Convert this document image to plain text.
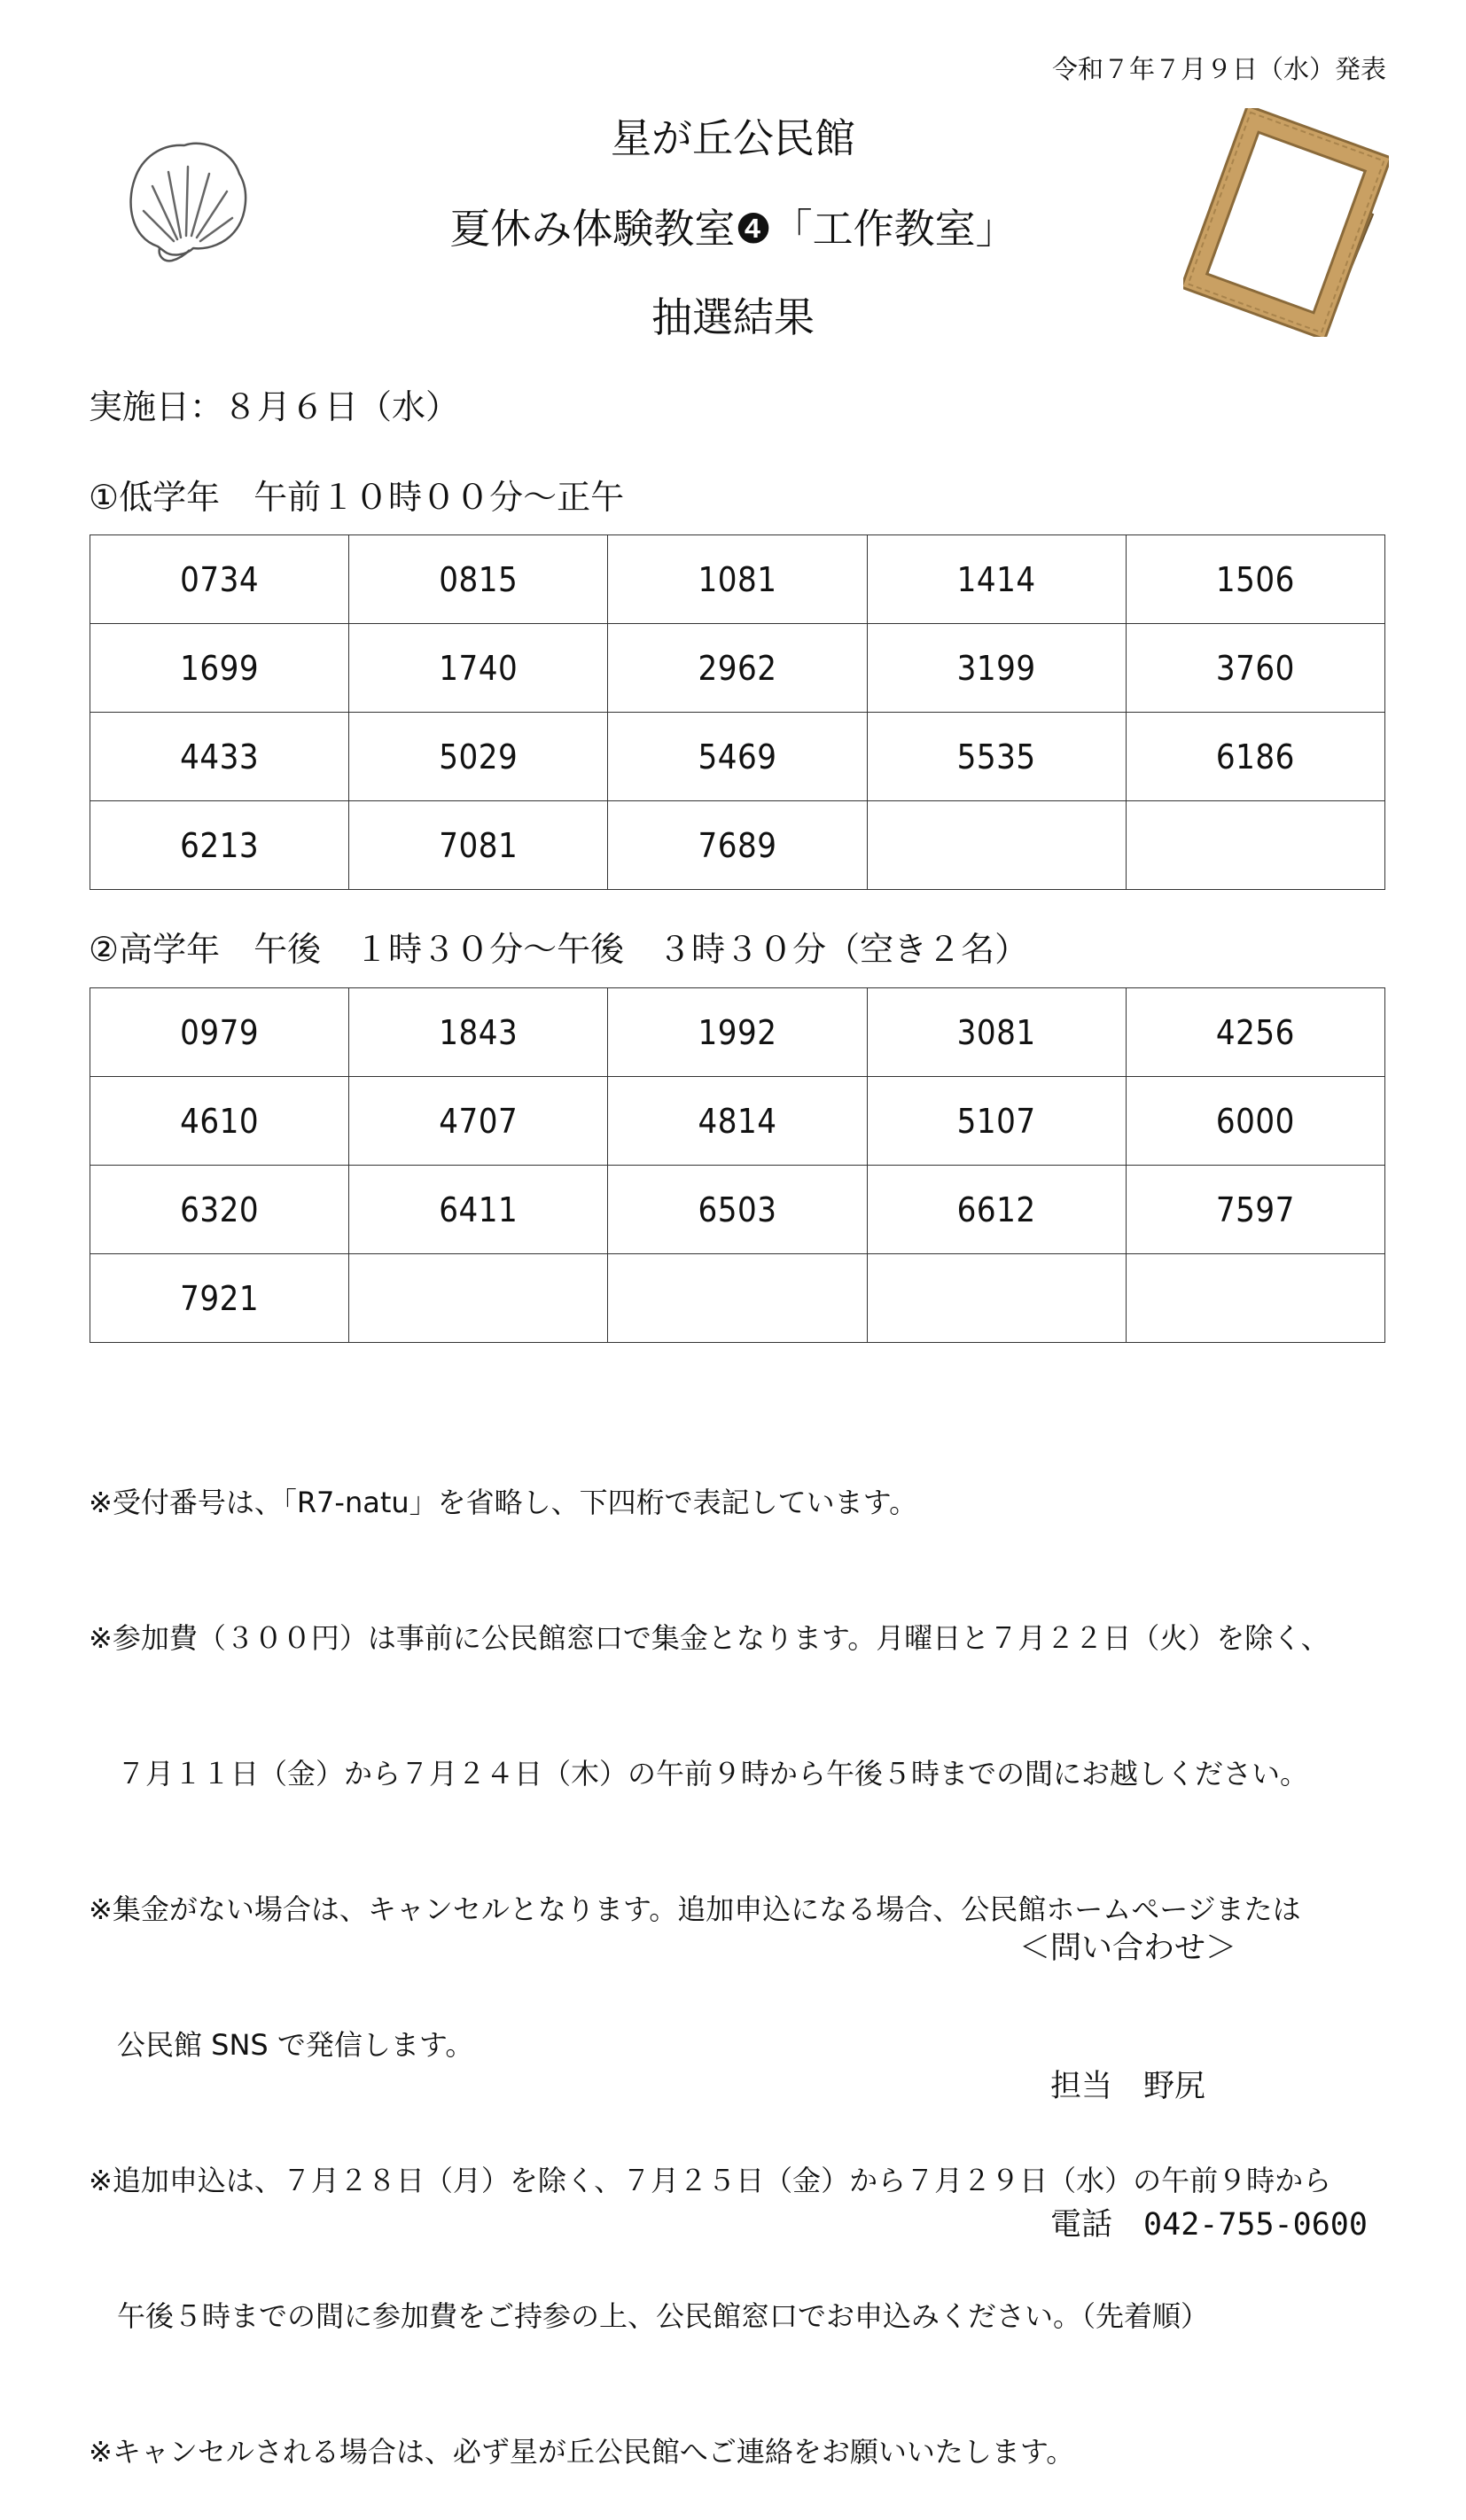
令和７年７月９日（水）発表
星が丘公民館
夏休み体験教室❹「工作教室」
抽選結果
実施日：８月６日（水）
①低学年　午前１０時００分～正午
0734	0815	1081	1414	1506
1699	1740	2962	3199	3760
4433	5029	5469	5535	6186
6213	7081	7689		
②高学年　午後　１時３０分～午後　３時３０分（空き２名）
0979	1843	1992	3081	4256
4610	4707	4814	5107	6000
6320	6411	6503	6612	7597
7921				

※受付番号は、「R7-natu」を省略し、下四桁で表記しています。

※参加費（３００円）は事前に公民館窓口で集金となります。月曜日と７月２２日（火）を除く、

　７月１１日（金）から７月２４日（木）の午前９時から午後５時までの間にお越しください。

※集金がない場合は、キャンセルとなります。追加申込になる場合、公民館ホームページまたは

　公民館 SNS で発信します。

※追加申込は、７月２８日（月）を除く、７月２５日（金）から７月２９日（水）の午前９時から

　午後５時までの間に参加費をご持参の上、公民館窓口でお申込みください。（先着順）

※キャンセルされる場合は、必ず星が丘公民館へご連絡をお願いいたします。

＜問い合わせ＞

　担当　 野尻

　電話　 042-755-0600
